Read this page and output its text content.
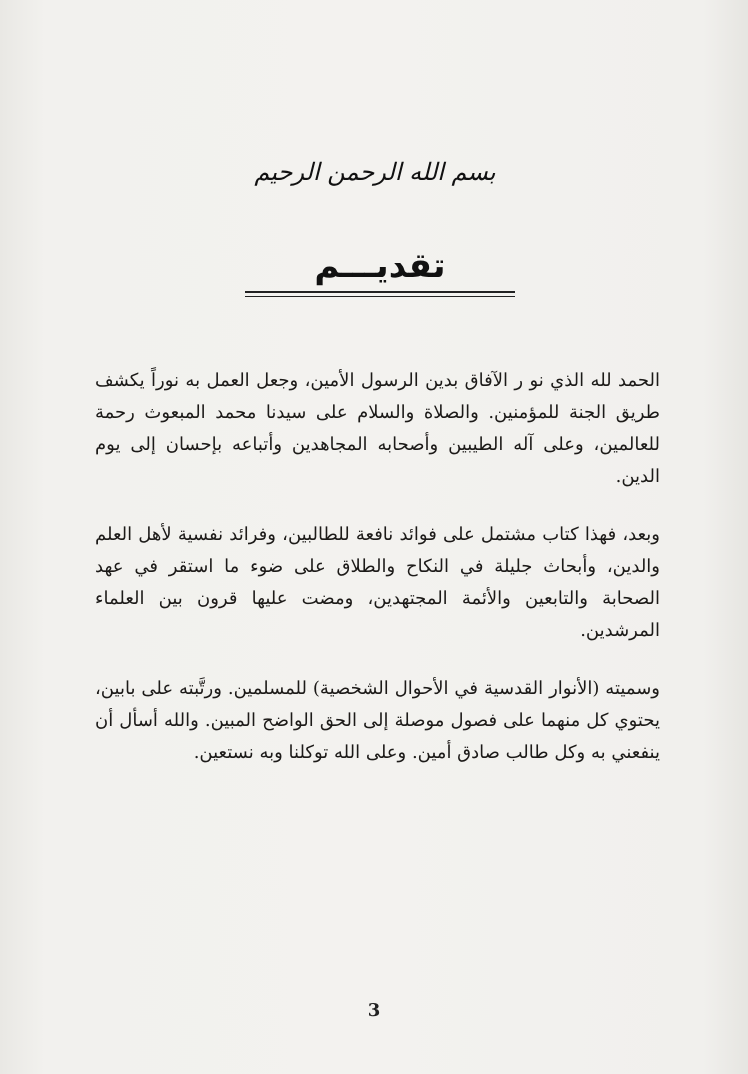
بسم الله الرحمن الرحيم
تقديـــم

الحمد لله الذي نو ر الآفاق بدين الرسول الأمين، وجعل العمل به نوراً يكشف طريق الجنة للمؤمنين. والصلاة والسلام على سيدنا محمد المبعوث رحمة للعالمين، وعلى آله الطيبين وأصحابه المجاهدين وأتباعه بإحسان إلى يوم الدين.

وبعد، فهذا كتاب مشتمل على فوائد نافعة للطالبين، وفرائد نفسية لأهل العلم والدين، وأبحاث جليلة في النكاح والطلاق على ضوء ما استقر في عهد الصحابة والتابعين والأئمة المجتهدين، ومضت عليها قرون بين العلماء المرشدين.

وسميته (الأنوار القدسية في الأحوال الشخصية) للمسلمين. ورتَّبته على بابين، يحتوي كل منهما على فصول موصلة إلى الحق الواضح المبين. والله أسأل أن ينفعني به وكل طالب صادق أمين. وعلى الله توكلنا وبه نستعين.

3
